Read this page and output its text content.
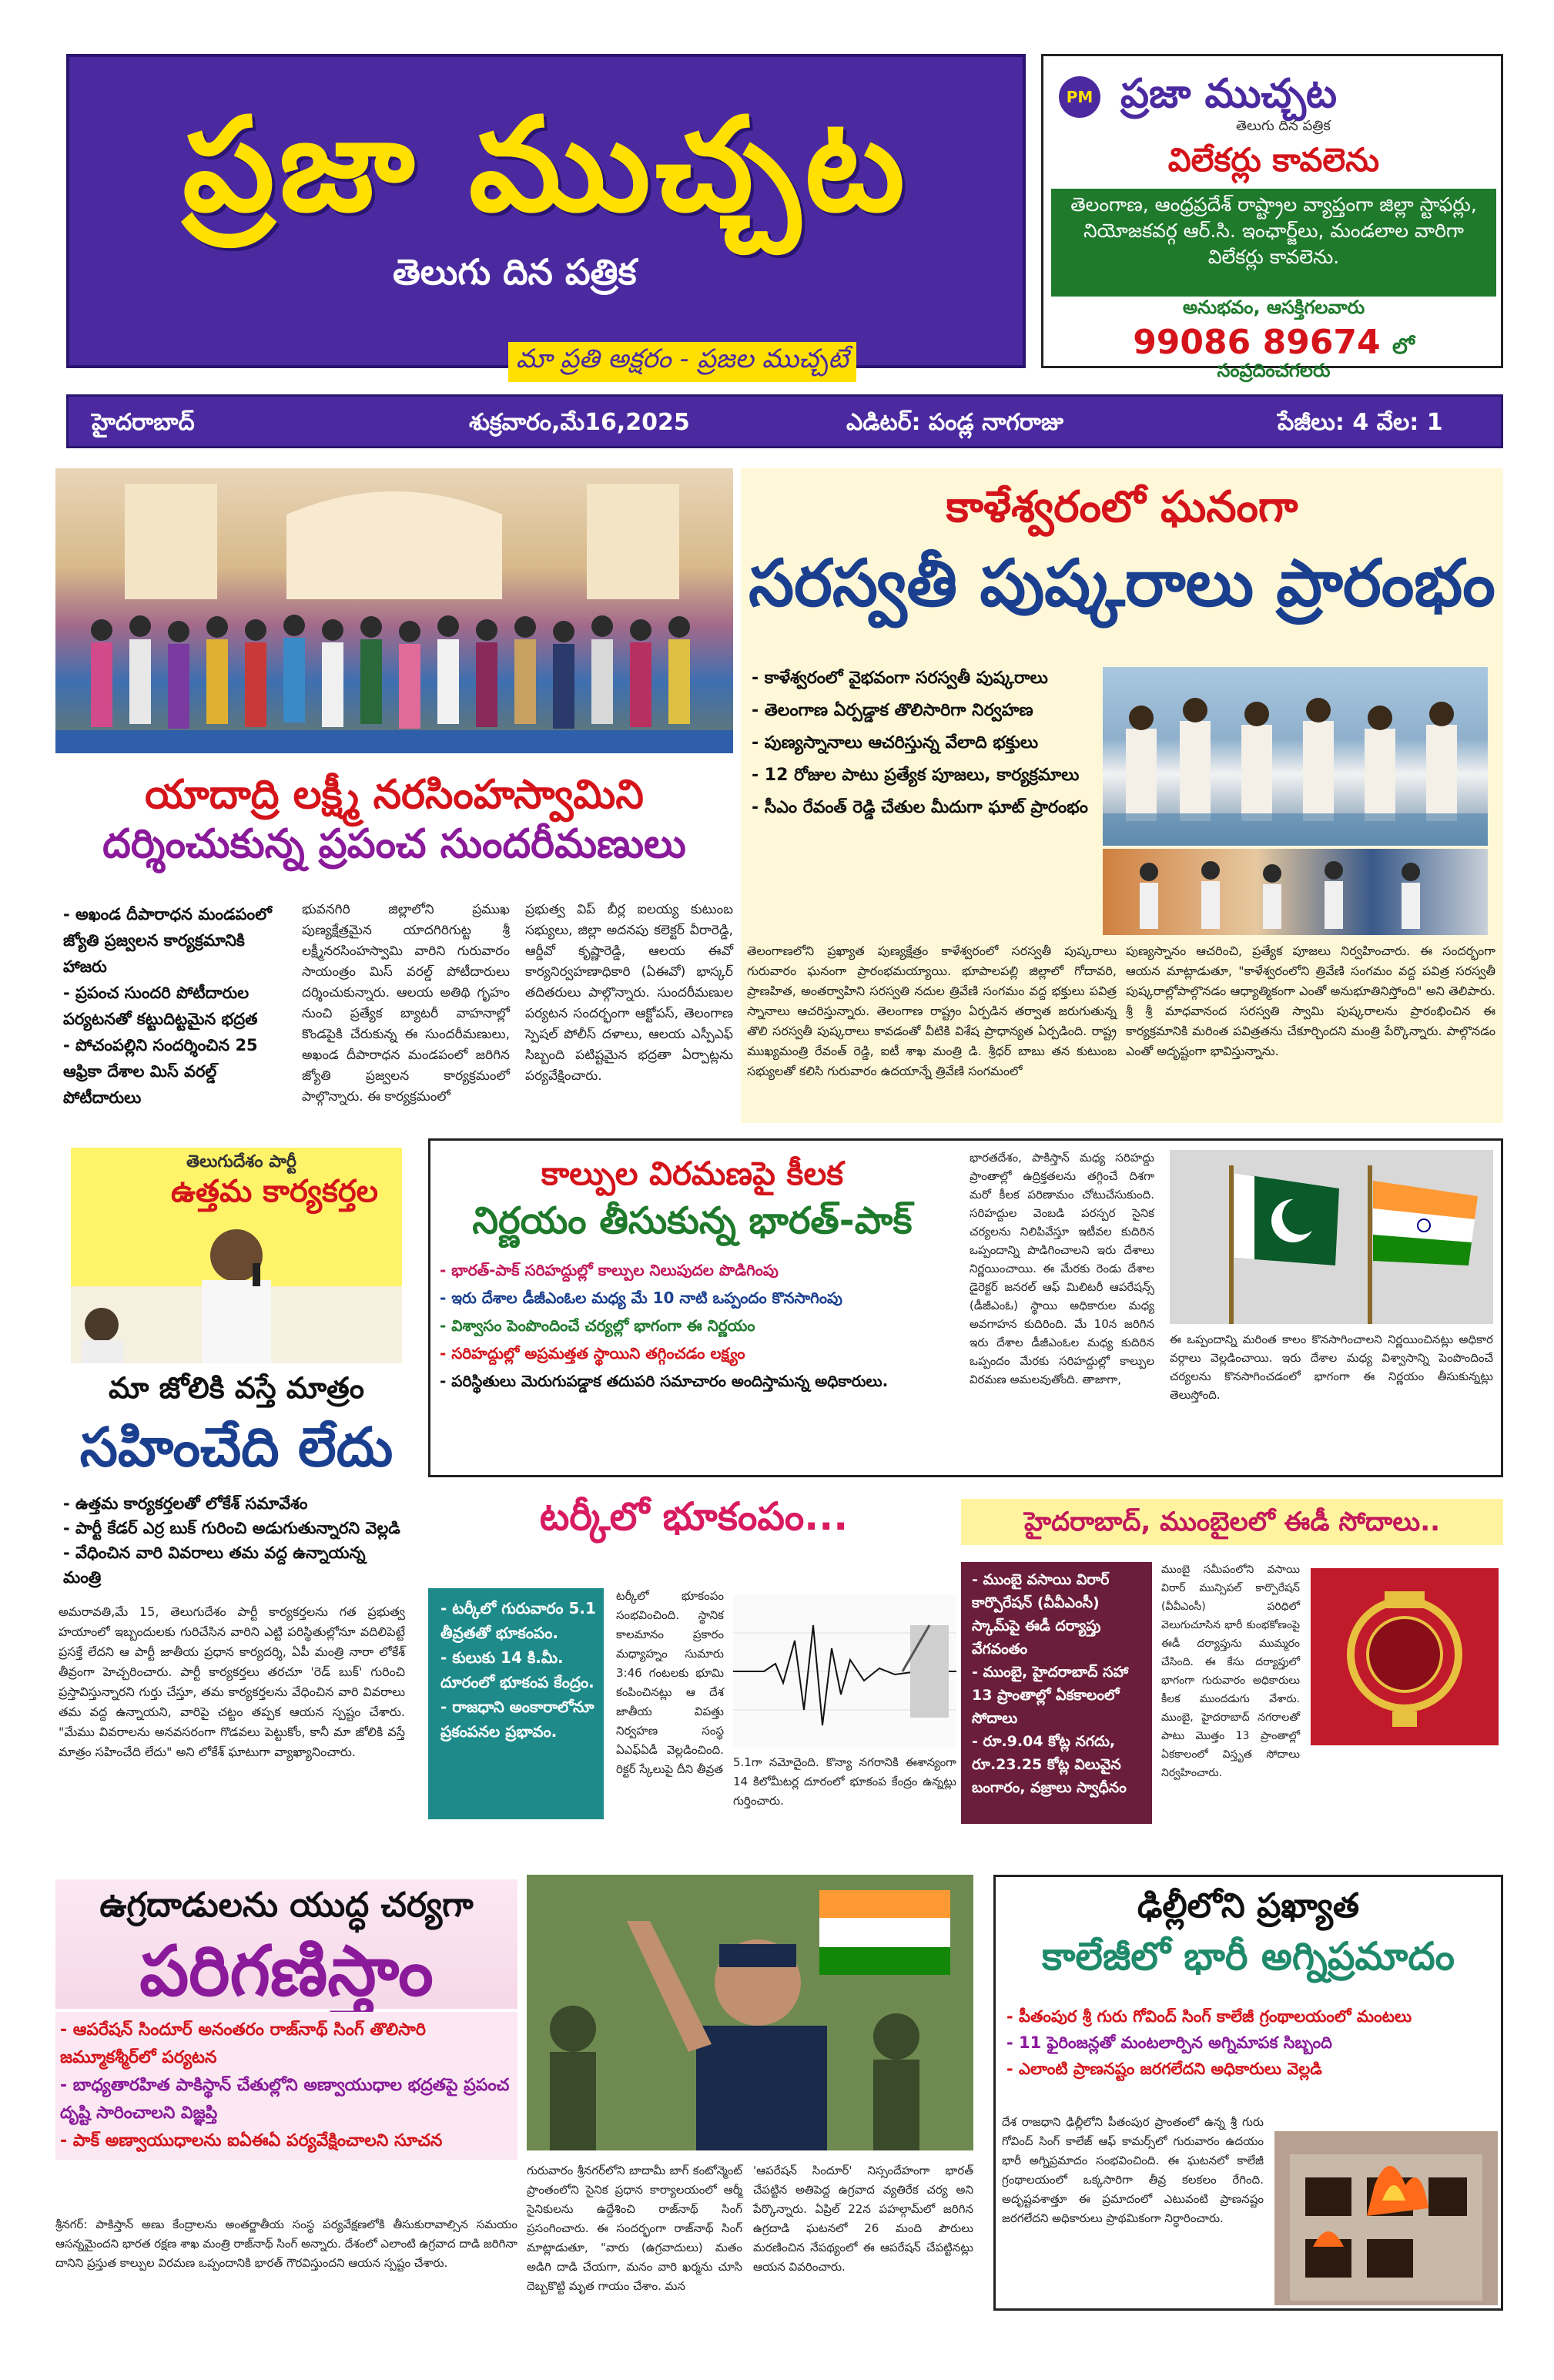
ప్రజా ముచ్చట
తెలుగు దిన పత్రిక
మా ప్రతి అక్షరం - ప్రజల ముచ్చటే
PM ప్రజా ముచ్చట
తెలుగు దిన పత్రిక
విలేకర్లు కావలెను
తెలంగాణ, ఆంధ్రప్రదేశ్ రాష్ట్రాల వ్యాప్తంగా జిల్లా స్టాఫర్లు, నియోజకవర్గ ఆర్.సి. ఇంఛార్జ్‌లు, మండలాల వారిగా విలేకర్లు కావలెను.
అనుభవం, ఆసక్తిగలవారు
99086 89674 లో
సంప్రదించగలరు
హైదరాబాద్	శుక్రవారం,మే16,2025	ఎడిటర్: పండ్ల నాగరాజు	పేజీలు: 4 వేల: 1
యాదాద్రి లక్ష్మీ నరసింహస్వామిని
దర్శించుకున్న ప్రపంచ సుందరీమణులు
- అఖండ దీపారాధన మండపంలో జ్యోతి ప్రజ్వలన కార్యక్రమానికి హాజరు
- ప్రపంచ సుందరి పోటీదారుల పర్యటనతో కట్టుదిట్టమైన భద్రత
- పోచంపల్లిని సందర్శించిన 25 ఆఫ్రికా దేశాల మిస్ వరల్డ్ పోటీదారులు
భువనగిరి జిల్లాలోని ప్రముఖ పుణ్యక్షేత్రమైన యాదగిరిగుట్ట శ్రీ లక్ష్మీనరసింహస్వామి వారిని గురువారం సాయంత్రం మిస్ వరల్డ్ పోటీదారులు దర్శించుకున్నారు. ఆలయ అతిథి గృహం నుంచి ప్రత్యేక బ్యాటరీ వాహనాల్లో కొండపైకి చేరుకున్న ఈ సుందరీమణులు, అఖండ దీపారాధన మండపంలో జరిగిన జ్యోతి ప్రజ్వలన కార్యక్రమంలో పాల్గొన్నారు. ఈ కార్యక్రమంలో
ప్రభుత్వ విప్ బీర్ల ఐలయ్య కుటుంబ సభ్యులు, జిల్లా అదనపు కలెక్టర్ వీరారెడ్డి, ఆర్డీవో కృష్ణారెడ్డి, ఆలయ ఈవో కార్యనిర్వహణాధికారి (ఏఈవో) భాస్కర్ తదితరులు పాల్గొన్నారు. సుందరీమణుల పర్యటన సందర్భంగా ఆక్టోపస్, తెలంగాణ స్పెషల్ పోలీస్ దళాలు, ఆలయ ఎస్పీఎఫ్ సిబ్బంది పటిష్టమైన భద్రతా ఏర్పాట్లను పర్యవేక్షించారు.
కాళేశ్వరంలో ఘనంగా
సరస్వతీ పుష్కరాలు ప్రారంభం
- కాళేశ్వరంలో వైభవంగా సరస్వతీ పుష్కరాలు
- తెలంగాణ ఏర్పడ్డాక తొలిసారిగా నిర్వహణ
- పుణ్యస్నానాలు ఆచరిస్తున్న వేలాది భక్తులు
- 12 రోజుల పాటు ప్రత్యేక పూజలు, కార్యక్రమాలు
- సీఎం రేవంత్ రెడ్డి చేతుల మీదుగా ఘాట్ ప్రారంభం
తెలంగాణలోని ప్రఖ్యాత పుణ్యక్షేత్రం కాళేశ్వరంలో సరస్వతీ పుష్కరాలు గురువారం ఘనంగా ప్రారంభమయ్యాయి. భూపాలపల్లి జిల్లాలో గోదావరి, ప్రాణహిత, అంతర్వాహిని సరస్వతి నదుల త్రివేణి సంగమం వద్ద భక్తులు పవిత్ర స్నానాలు ఆచరిస్తున్నారు. తెలంగాణ రాష్ట్రం ఏర్పడిన తర్వాత జరుగుతున్న తొలి సరస్వతీ పుష్కరాలు కావడంతో వీటికి విశేష ప్రాధాన్యత ఏర్పడింది. రాష్ట్ర ముఖ్యమంత్రి రేవంత్ రెడ్డి, ఐటీ శాఖ మంత్రి డి. శ్రీధర్ బాబు తన కుటుంబ సభ్యులతో కలిసి గురువారం ఉదయాన్నే త్రివేణి సంగమంలో
పుణ్యస్నానం ఆచరించి, ప్రత్యేక పూజలు నిర్వహించారు. ఈ సందర్భంగా ఆయన మాట్లాడుతూ, "కాళేశ్వరంలోని త్రివేణి సంగమం వద్ద పవిత్ర సరస్వతీ పుష్కరాల్లోపాల్గొనడం ఆధ్యాత్మికంగా ఎంతో అనుభూతినిస్తోంది" అని తెలిపారు. శ్రీ శ్రీ మాధవానంద సరస్వతి స్వామి పుష్కరాలను ప్రారంభించిన ఈ కార్యక్రమానికి మరింత పవిత్రతను చేకూర్చిందని మంత్రి పేర్కొన్నారు. పాల్గొనడం ఎంతో అదృష్టంగా భావిస్తున్నాను.
తెలుగుదేశం పార్టీ
ఉత్తమ కార్యకర్తల
మా జోలికి వస్తే మాత్రం
సహించేది లేదు
- ఉత్తమ కార్యకర్తలతో లోకేశ్ సమావేశం
- పార్టీ కేడర్ ఎర్ర బుక్ గురించి అడుగుతున్నారని వెల్లడి
- వేధించిన వారి వివరాలు తమ వద్ద ఉన్నాయన్న మంత్రి
అమరావతి,మే 15, తెలుగుదేశం పార్టీ కార్యకర్తలను గత ప్రభుత్వ హయాంలో ఇబ్బందులకు గురిచేసిన వారిని ఎట్టి పరిస్థితుల్లోనూ వదిలిపెట్టే ప్రసక్తే లేదని ఆ పార్టీ జాతీయ ప్రధాన కార్యదర్శి, ఏపీ మంత్రి నారా లోకేశ్ తీవ్రంగా హెచ్చరించారు. పార్టీ కార్యకర్తలు తరచూ 'రెడ్ బుక్' గురించి ప్రస్తావిస్తున్నారని గుర్తు చేస్తూ, తమ కార్యకర్తలను వేధించిన వారి వివరాలు తమ వద్ద ఉన్నాయని, వారిపై చట్టం తప్పక ఆయన స్పష్టం చేశారు. "మేము వివరాలను అనవసరంగా గొడవలు పెట్టుకోం, కానీ మా జోలికి వస్తే మాత్రం సహించేది లేదు" అని లోకేశ్ ఘాటుగా వ్యాఖ్యానించారు.
కాల్పుల విరమణపై కీలక
నిర్ణయం తీసుకున్న భారత్-పాక్
- భారత్-పాక్ సరిహద్దుల్లో కాల్పుల నిలుపుదల పొడిగింపు
- ఇరు దేశాల డీజీఎంఓల మధ్య మే 10 నాటి ఒప్పందం కొనసాగింపు
- విశ్వాసం పెంపొందించే చర్యల్లో భాగంగా ఈ నిర్ణయం
- సరిహద్దుల్లో అప్రమత్తత స్థాయిని తగ్గించడం లక్ష్యం
- పరిస్థితులు మెరుగుపడ్డాక తదుపరి సమాచారం అందిస్తామన్న అధికారులు.
భారతదేశం, పాకిస్తాన్ మధ్య సరిహద్దు ప్రాంతాల్లో ఉద్రిక్తతలను తగ్గించే దిశగా మరో కీలక పరిణామం చోటుచేసుకుంది. సరిహద్దుల వెంబడి పరస్పర సైనిక చర్యలను నిలిపివేస్తూ ఇటీవల కుదిరిన ఒప్పందాన్ని పొడిగించాలని ఇరు దేశాలు నిర్ణయించాయి. ఈ మేరకు రెండు దేశాల డైరెక్టర్ జనరల్ ఆఫ్ మిలిటరీ ఆపరేషన్స్ (డీజీఎంఓ) స్థాయి అధికారుల మధ్య అవగాహన కుదిరింది. మే 10న జరిగిన ఇరు దేశాల డీజీఎంఓల మధ్య కుదిరిన ఒప్పందం మేరకు సరిహద్దుల్లో కాల్పుల విరమణ అమలవుతోంది. తాజాగా,
ఈ ఒప్పందాన్ని మరింత కాలం కొనసాగించాలని నిర్ణయించినట్లు అధికార వర్గాలు వెల్లడించాయి. ఇరు దేశాల మధ్య విశ్వాసాన్ని పెంపొందించే చర్యలను కొనసాగించడంలో భాగంగా ఈ నిర్ణయం తీసుకున్నట్లు తెలుస్తోంది.
టర్కీలో భూకంపం...
- టర్కీలో గురువారం 5.1 తీవ్రతతో భూకంపం.
- కులుకు 14 కి.మీ. దూరంలో భూకంప కేంద్రం.
- రాజధాని అంకారాలోనూ ప్రకంపనల ప్రభావం.
టర్కీలో భూకంపం సంభవించింది. స్థానిక కాలమానం ప్రకారం మధ్యాహ్నం సుమారు 3:46 గంటలకు భూమి కంపించినట్లు ఆ దేశ జాతీయ విపత్తు నిర్వహణ సంస్థ ఏఎఫ్ఏడీ వెల్లడించింది. రిక్టర్ స్కేలుపై దీని తీవ్రత 5.1గా నమోదైంది. కొన్యా నగరానికి ఈశాన్యంగా 14 కిలోమీటర్ల దూరంలో భూకంప కేంద్రం ఉన్నట్లు గుర్తించారు.
హైదరాబాద్, ముంబైలలో ఈడీ సోదాలు..
- ముంబై వసాయి విరార్ కార్పొరేషన్ (వీవీఎంసీ) స్కామ్‌పై ఈడీ దర్యాప్తు వేగవంతం
- ముంబై, హైదరాబాద్ సహా 13 ప్రాంతాల్లో ఏకకాలంలో సోదాలు
- రూ.9.04 కోట్ల నగదు, రూ.23.25 కోట్ల విలువైన బంగారం, వజ్రాలు స్వాధీనం
ముంబై సమీపంలోని వసాయి విరార్ మున్సిపల్ కార్పొరేషన్ (వీవీఎంసీ) పరిధిలో వెలుగుచూసిన భారీ కుంభకోణంపై ఈడీ దర్యాప్తును ముమ్మరం చేసింది. ఈ కేసు దర్యాప్తులో భాగంగా గురువారం అధికారులు కీలక ముందడుగు వేశారు. ముంబై, హైదరాబాద్ నగరాలతో పాటు మొత్తం 13 ప్రాంతాల్లో ఏకకాలంలో విస్తృత సోదాలు నిర్వహించారు.
ఉగ్రదాడులను యుద్ధ చర్యగా
పరిగణిస్తాం
- ఆపరేషన్ సిందూర్ అనంతరం రాజ్‌నాథ్ సింగ్ తొలిసారి జమ్మూకశ్మీర్‌లో పర్యటన
- బాధ్యతారహిత పాకిస్థాన్ చేతుల్లోని అణ్వాయుధాల భద్రతపై ప్రపంచ దృష్టి సారించాలని విజ్ఞప్తి
- పాక్ అణ్వాయుధాలను ఐఏఈఏ పర్యవేక్షించాలని సూచన
శ్రీనగర్: పాకిస్తాన్ అణు కేంద్రాలను అంతర్జాతీయ సంస్థ పర్యవేక్షణలోకి తీసుకురావాల్సిన సమయం ఆసన్నమైందని భారత రక్షణ శాఖ మంత్రి రాజ్‌నాథ్ సింగ్ అన్నారు. దేశంలో ఎలాంటి ఉగ్రవాద దాడి జరిగినా దానిని ప్రస్తుత కాల్పుల విరమణ ఒప్పందానికి భారత్ గౌరవిస్తుందని ఆయన స్పష్టం చేశారు.
గురువారం శ్రీనగర్‌లోని బాదామీ బాగ్ కంటోన్మెంట్ ప్రాంతంలోని సైనిక ప్రధాన కార్యాలయంలో ఆర్మీ సైనికులను ఉద్దేశించి రాజ్‌నాథ్ సింగ్ ప్రసంగించారు. ఈ సందర్భంగా రాజ్‌నాథ్ సింగ్ మాట్లాడుతూ, "వారు (ఉగ్రవాదులు) మతం అడిగి దాడి చేయగా, మనం వారి ఖర్మను చూసి దెబ్బకొట్టి మృత గాయం చేశాం. మన
'ఆపరేషన్ సిందూర్' నిస్సందేహంగా భారత్ చేపట్టిన అతిపెద్ద ఉగ్రవాద వ్యతిరేక చర్య అని పేర్కొన్నారు. ఏప్రిల్ 22న పహల్గామ్‌లో జరిగిన ఉగ్రదాడి ఘటనలో 26 మంది పౌరులు మరణించిన నేపథ్యంలో ఈ ఆపరేషన్ చేపట్టినట్లు ఆయన వివరించారు.
ఢిల్లీలోని ప్రఖ్యాత
కాలేజీలో భారీ అగ్నిప్రమాదం
- పీతంపుర శ్రీ గురు గోవింద్ సింగ్ కాలేజీ గ్రంథాలయంలో మంటలు
- 11 ఫైరింజన్లతో మంటలార్పిన అగ్నిమాపక సిబ్బంది
- ఎలాంటి ప్రాణనష్టం జరగలేదని అధికారులు వెల్లడి
దేశ రాజధాని ఢిల్లీలోని పీతంపుర ప్రాంతంలో ఉన్న శ్రీ గురు గోవింద్ సింగ్ కాలేజ్ ఆఫ్ కామర్స్‌లో గురువారం ఉదయం భారీ అగ్నిప్రమాదం సంభవించింది. ఈ ఘటనలో కాలేజీ గ్రంథాలయంలో ఒక్కసారిగా తీవ్ర కలకలం రేగింది. అదృష్టవశాత్తూ ఈ ప్రమాదంలో ఎటువంటి ప్రాణనష్టం జరగలేదని అధికారులు ప్రాథమికంగా నిర్ధారించారు.
